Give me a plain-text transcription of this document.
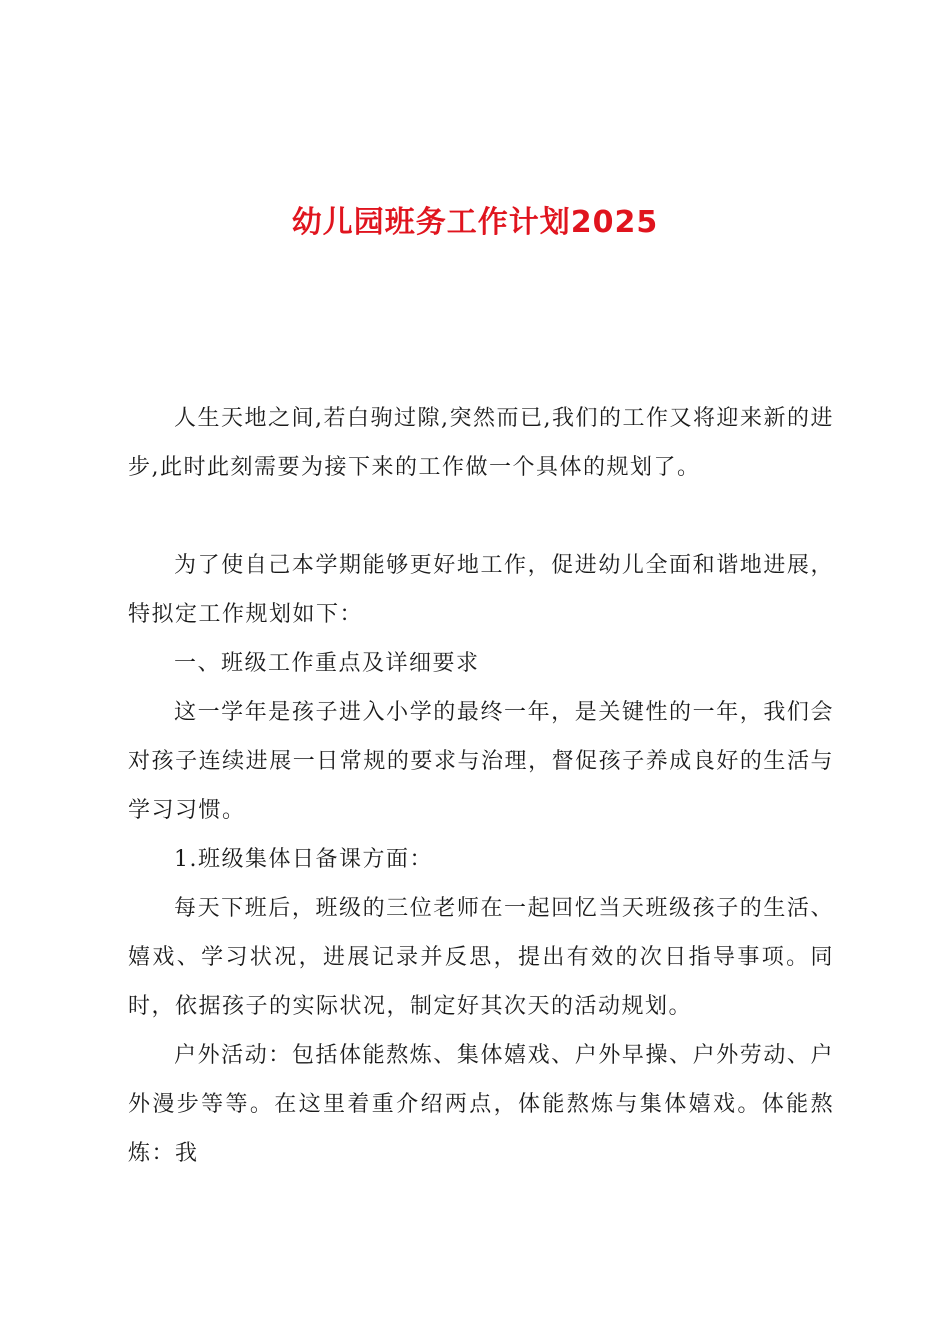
幼儿园班务工作计划2025

人生天地之间,若白驹过隙,突然而已,我们的工作又将迎来新的进步,此时此刻需要为接下来的工作做一个具体的规划了。

为了使自己本学期能够更好地工作，促进幼儿全面和谐地进展，特拟定工作规划如下：

一、班级工作重点及详细要求

这一学年是孩子进入小学的最终一年，是关键性的一年，我们会对孩子连续进展一日常规的要求与治理，督促孩子养成良好的生活与学习习惯。

1.班级集体日备课方面：

每天下班后，班级的三位老师在一起回忆当天班级孩子的生活、嬉戏、学习状况，进展记录并反思，提出有效的次日指导事项。同时，依据孩子的实际状况，制定好其次天的活动规划。

户外活动：包括体能熬炼、集体嬉戏、户外早操、户外劳动、户外漫步等等。在这里着重介绍两点，体能熬炼与集体嬉戏。体能熬炼：我
